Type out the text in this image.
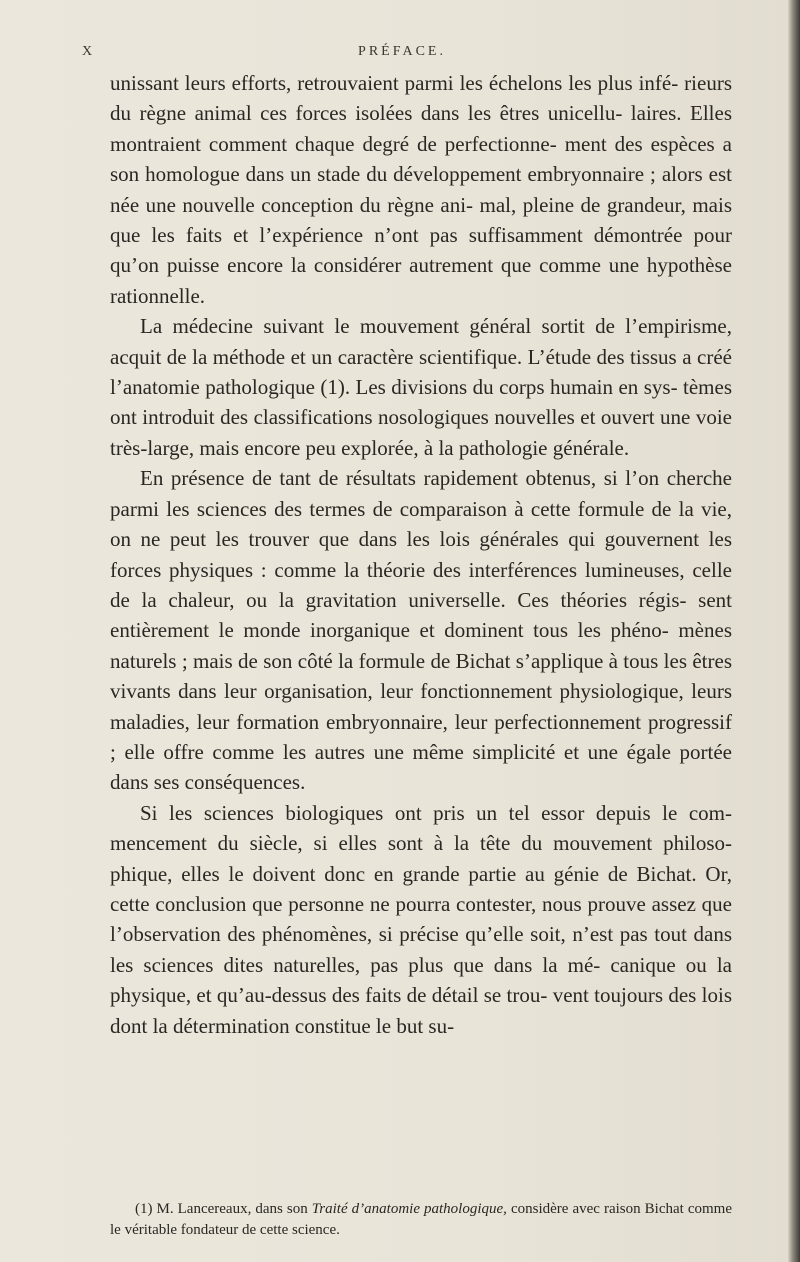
X	PRÉFACE.

unissant leurs efforts, retrouvaient parmi les échelons les plus infé- rieurs du règne animal ces forces isolées dans les êtres unicellu- laires. Elles montraient comment chaque degré de perfectionne- ment des espèces a son homologue dans un stade du développement embryonnaire ; alors est née une nouvelle conception du règne ani- mal, pleine de grandeur, mais que les faits et l’expérience n’ont pas suffisamment démontrée pour qu’on puisse encore la considérer autrement que comme une hypothèse rationnelle.

La médecine suivant le mouvement général sortit de l’empirisme, acquit de la méthode et un caractère scientifique. L’étude des tissus a créé l’anatomie pathologique (1). Les divisions du corps humain en sys- tèmes ont introduit des classifications nosologiques nouvelles et ouvert une voie très-large, mais encore peu explorée, à la pathologie générale.

En présence de tant de résultats rapidement obtenus, si l’on cherche parmi les sciences des termes de comparaison à cette formule de la vie, on ne peut les trouver que dans les lois générales qui gouvernent les forces physiques : comme la théorie des interférences lumineuses, celle de la chaleur, ou la gravitation universelle. Ces théories régis- sent entièrement le monde inorganique et dominent tous les phéno- mènes naturels ; mais de son côté la formule de Bichat s’applique à tous les êtres vivants dans leur organisation, leur fonctionnement physiologique, leurs maladies, leur formation embryonnaire, leur perfectionnement progressif ; elle offre comme les autres une même simplicité et une égale portée dans ses conséquences.

Si les sciences biologiques ont pris un tel essor depuis le com- mencement du siècle, si elles sont à la tête du mouvement philoso- phique, elles le doivent donc en grande partie au génie de Bichat. Or, cette conclusion que personne ne pourra contester, nous prouve assez que l’observation des phénomènes, si précise qu’elle soit, n’est pas tout dans les sciences dites naturelles, pas plus que dans la mé- canique ou la physique, et qu’au-dessus des faits de détail se trou- vent toujours des lois dont la détermination constitue le but su-

(1) M. Lancereaux, dans son Traité d’anatomie pathologique, considère avec raison Bichat comme le véritable fondateur de cette science.
